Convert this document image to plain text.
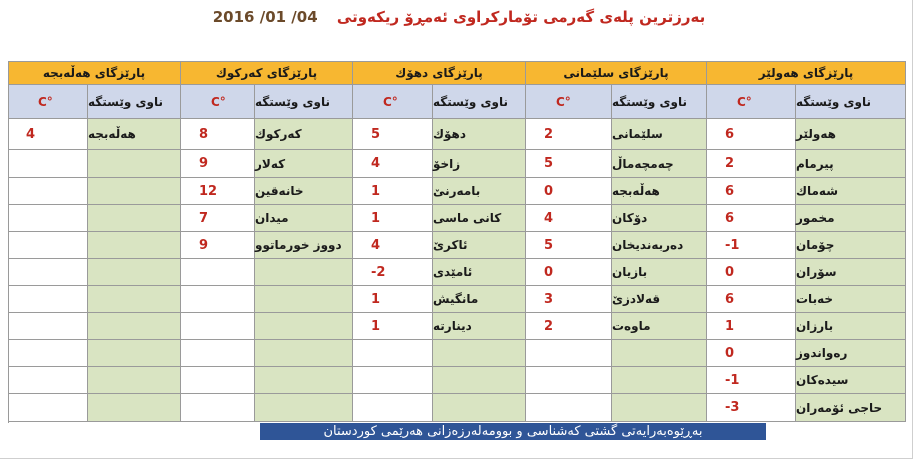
2016 /01 /04 بەرزترین پلەی گەرمی تۆمارکراوی ئەمڕۆ ریکەوتی
پارێزگای هەڵەبجە
C°	ناوی وێستگه
4	هەڵەبجە
پارێزگای كەركوك
C°	ناوی وێستگه
8	كەركوك
9	كەلار
12	خانەقین
7	میدان
9	دووز خورماتوو
پارێزگای دهۆك
C°	ناوی وێستگه
5	دهۆك
4	زاخۆ
1	بامەرنێ
1	كانی ماسی
4	ئاكرێ
-2	ئامێدی
1	مانگیش
1	دینارتە
پارێزگای سلێمانی
C°	ناوی وێستگه
2	سلێمانی
5	چەمچەماڵ
0	هەڵەبجە
4	دۆكان
5	دەربەندیخان
0	بازیان
3	قەلادزێ
2	ماوەت
پارێزگای هەولێر
C°	ناوی وێستگه
6	هەولێر
2	پیرمام
6	شەماك
6	مخمور
-1	چۆمان
0	سۆران
6	خەبات
1	بارزان
0	رەواندوز
-1	سیدەكان
-3	حاجی ئۆمەران
بەڕێوەبەرایەتی گشتی کەشناسی و بوومەلەرزەزانی هەرێمی کوردستان
